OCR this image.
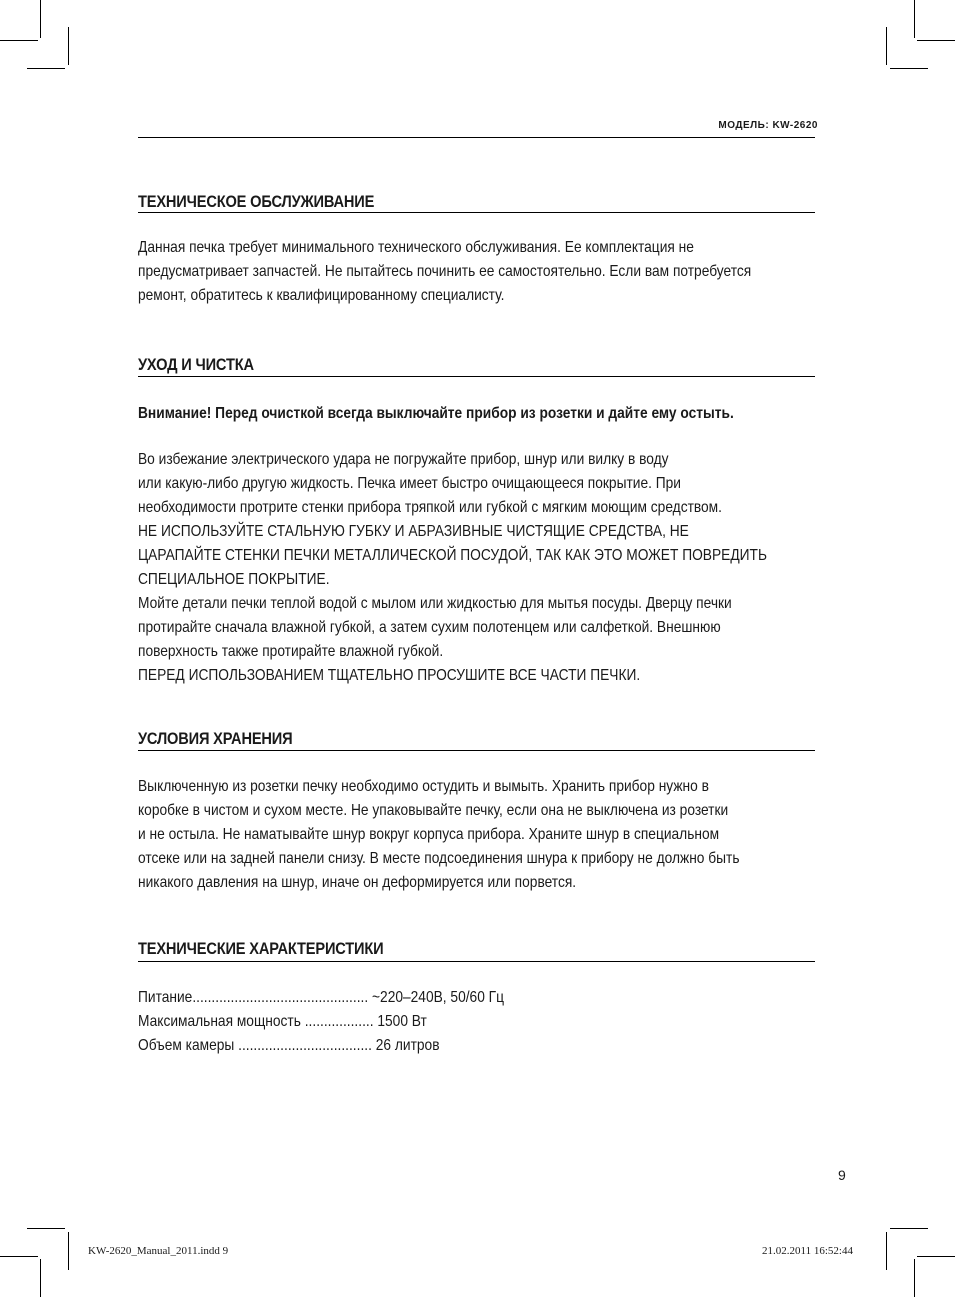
МОДЕЛЬ: KW-2620
ТЕХНИЧЕСКОЕ ОБСЛУЖИВАНИЕ
Данная печка требует минимального технического обслуживания. Ее комплектация не
предусматривает запчастей. Не пытайтесь починить ее самостоятельно. Если вам потребуется
ремонт, обратитесь к квалифицированному специалисту.
УХОД И ЧИСТКА
Внимание! Перед очисткой всегда выключайте прибор из розетки и дайте ему остыть.
Во избежание электрического удара не погружайте прибор, шнур или вилку в воду
или какую-либо другую жидкость. Печка имеет быстро очищающееся покрытие. При
необходимости протрите стенки прибора тряпкой или губкой с мягким моющим средством.
НЕ ИСПОЛЬЗУЙТЕ СТАЛЬНУЮ ГУБКУ И АБРАЗИВНЫЕ ЧИСТЯЩИЕ СРЕДСТВА, НЕ
ЦАРАПАЙТЕ СТЕНКИ ПЕЧКИ МЕТАЛЛИЧЕСКОЙ ПОСУДОЙ, ТАК КАК ЭТО МОЖЕТ ПОВРЕДИТЬ
СПЕЦИАЛЬНОЕ ПОКРЫТИЕ.
Мойте детали печки теплой водой с мылом или жидкостью для мытья посуды. Дверцу печки
протирайте сначала влажной губкой, а затем сухим полотенцем или салфеткой. Внешнюю
поверхность также протирайте влажной губкой.
ПЕРЕД ИСПОЛЬЗОВАНИЕМ ТЩАТЕЛЬНО ПРОСУШИТЕ ВСЕ ЧАСТИ ПЕЧКИ.
УСЛОВИЯ ХРАНЕНИЯ
Выключенную из розетки печку необходимо остудить и вымыть. Хранить прибор нужно в
коробке в чистом и сухом месте. Не упаковывайте печку, если она не выключена из розетки
и не остыла. Не наматывайте шнур вокруг корпуса прибора. Храните шнур в специальном
отсеке или на задней панели снизу. В месте подсоединения шнура к прибору не должно быть
никакого давления на шнур, иначе он деформируется или порвется.
ТЕХНИЧЕСКИЕ ХАРАКТЕРИСТИКИ
Питание.............................................. ~220–240В, 50/60 Гц
Максимальная мощность .................. 1500 Вт
Объем камеры ................................... 26 литров
9
KW-2620_Manual_2011.indd 9	21.02.2011 16:52:44
